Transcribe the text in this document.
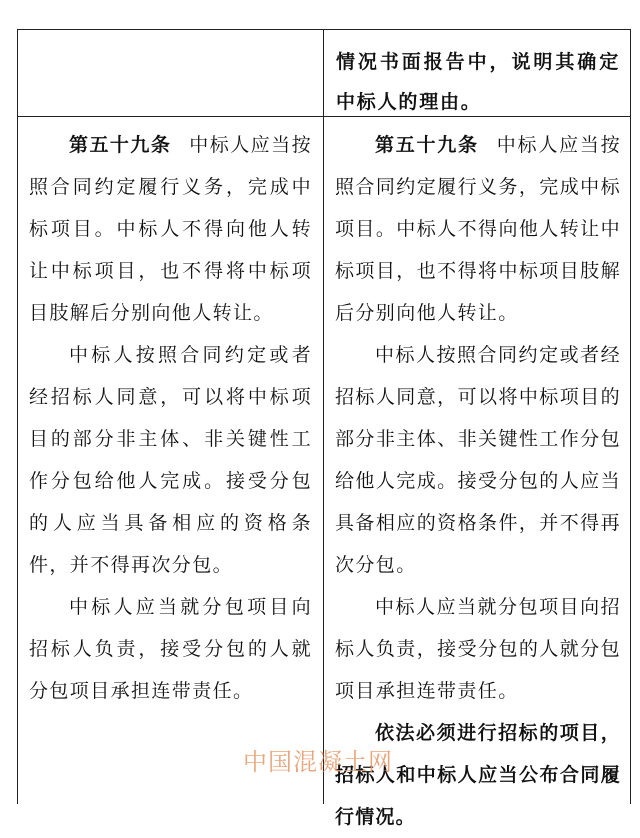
情况书面报告中，说明其确定中标人的理由。

第五十九条 中标人应当按照合同约定履行义务，完成中标项目。中标人不得向他人转让中标项目，也不得将中标项目肢解后分别向他人转让。

中标人按照合同约定或者经招标人同意，可以将中标项目的部分非主体、非关键性工作分包给他人完成。接受分包的人应当具备相应的资格条件，并不得再次分包。

中标人应当就分包项目向招标人负责，接受分包的人就分包项目承担连带责任。

第五十九条 中标人应当按照合同约定履行义务，完成中标项目。中标人不得向他人转让中标项目，也不得将中标项目肢解后分别向他人转让。

中标人按照合同约定或者经招标人同意，可以将中标项目的部分非主体、非关键性工作分包给他人完成。接受分包的人应当具备相应的资格条件，并不得再次分包。

中标人应当就分包项目向招标人负责，接受分包的人就分包项目承担连带责任。

依法必须进行招标的项目，招标人和中标人应当公布合同履行情况。

中国混凝土网
